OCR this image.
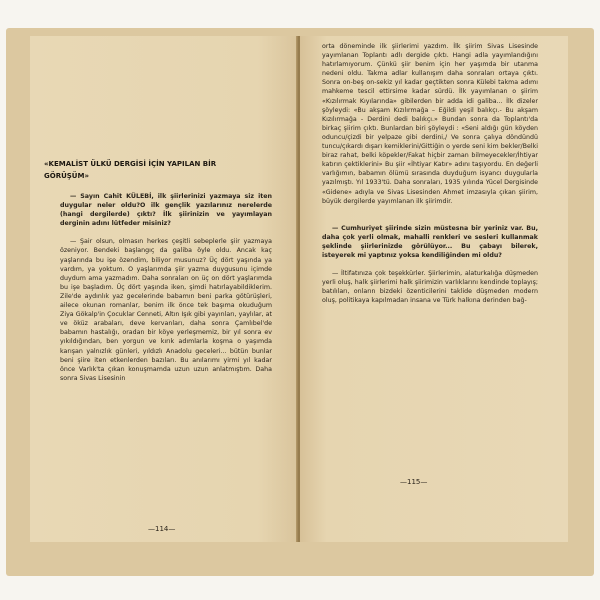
«KEMALİST ÜLKÜ DERGİSİ İÇİN YAPILAN BİR GÖRÜŞÜM»

— Sayın Cahit KÜLEBİ, ilk şiirlerinizi yazmaya siz iten duygular neler oldu?O ilk gençlik yazılarınız nerelerde (hangi dergilerde) çıktı? İlk şiirinizin ve yayımlayan derginin adını lütfeder misiniz?

— Şair olsun, olmasın herkes çeşitli sebeplerle şiir yazmaya özeniyor. Bendeki başlangıç da galiba öyle oldu. Ancak kaç yaşlarında bu işe özendim, biliyor musunuz? Üç dört yaşında ya vardım, ya yoktum. O yaşlarımda şiir yazma duygusunu içimde duydum ama yazmadım. Daha sonraları on üç on dört yaşlarımda bu işe başladım. Üç dört yaşında iken, şimdi hatırlayabildiklerim. Zile'de aydınlık yaz gecelerinde babamın beni parka götürüşleri, ailece okunan romanlar, benim ilk önce tek başıma okuduğum Ziya Gökalp'in Çocuklar Cenneti, Altın Işık gibi yayınları, yaylılar, at ve öküz arabaları, deve kervanları, daha sonra Çamlıbel'de babamın hastalığı, oradan bir köye yerleşmemiz, bir yıl sonra ev yıkıldığından, ben yorgun ve kırık adımlarla koşma o yaşımda karışan yalnızlık günleri, yıldızlı Anadolu geceleri... bütün bunlar beni şiire iten etkenlerden bazıları. Bu anılarımı yirmi yıl kadar önce Varlık'ta çıkan konuşmamda uzun uzun anlatmıştım. Daha sonra Sivas Lisesinin

—114—

orta döneminde ilk şiirlerimi yazdım. İlk şiirim Sivas Lisesinde yayımlanan Toplantı adlı dergide çıktı. Hangi adla yayımlandığını hatırlamıyorum. Çünkü şiir benim için her yaşımda bir utanma nedeni oldu. Takma adlar kullanışım daha sonraları ortaya çıktı. Sonra on-beş on-sekiz yıl kadar geçtikten sonra Külebi takma adımı mahkeme tescil ettirsime kadar sürdü. İlk yayımlanan o şiirim «Kızılırmak Kıyılarında» gibilerden bir adda idi galiba... İlk dizeler şöyleydi: «Bu akşam Kızılırmağa – Eğildi yeşil balıkçı.- Bu akşam Kızılırmağa - Derdini dedi balıkçı.» Bundan sonra da Toplantı'da birkaç şiirim çıktı. Bunlardan biri şöyleydi : «Seni aldığı gün köyden oduncu/çizdi bir yelpaze gibi derdini,/ Ve sonra çalıya döndündü tuncu/çıkardı dışarı kemiklerini/Gittiğin o yerde seni kim bekler/Belki biraz rahat, belki köpekler/Fakat hiçbir zaman bilmeyecekler/İhtiyar katırın çektiklerini» Bu şiir «İhtiyar Katır» adını taşıyordu. En değerli varlığımın, babamın ölümü sırasında duyduğum isyancı duygularla yazılmıştı. Yıl 1933'tü. Daha sonraları, 1935 yılında Yücel Dergisinde «Gidene» adıyla ve Sivas Lisesinden Ahmet imzasıyla çıkan şiirim, büyük dergilerde yayımlanan ilk şiirimdir.

— Cumhuriyet şiirinde sizin müstesna bir yeriniz var. Bu, daha çok yerli olmak, mahalli renkleri ve sesleri kullanmak şeklinde şiirlerinizde görülüyor... Bu çabayı bilerek, isteyerek mi yaptınız yoksa kendiliğinden mi oldu?

— İltifatınıza çok teşekkürler. Şiirlerimin, alaturkalığa düşmeden yerli oluş, halk şiirlerimi halk şiirimizin varlıklarını kendinde toplayış; batılıları, onların bizdeki özenticilerini taklide düşmeden modern oluş, politikaya kapılmadan insana ve Türk halkına derinden bağ-

—115—
